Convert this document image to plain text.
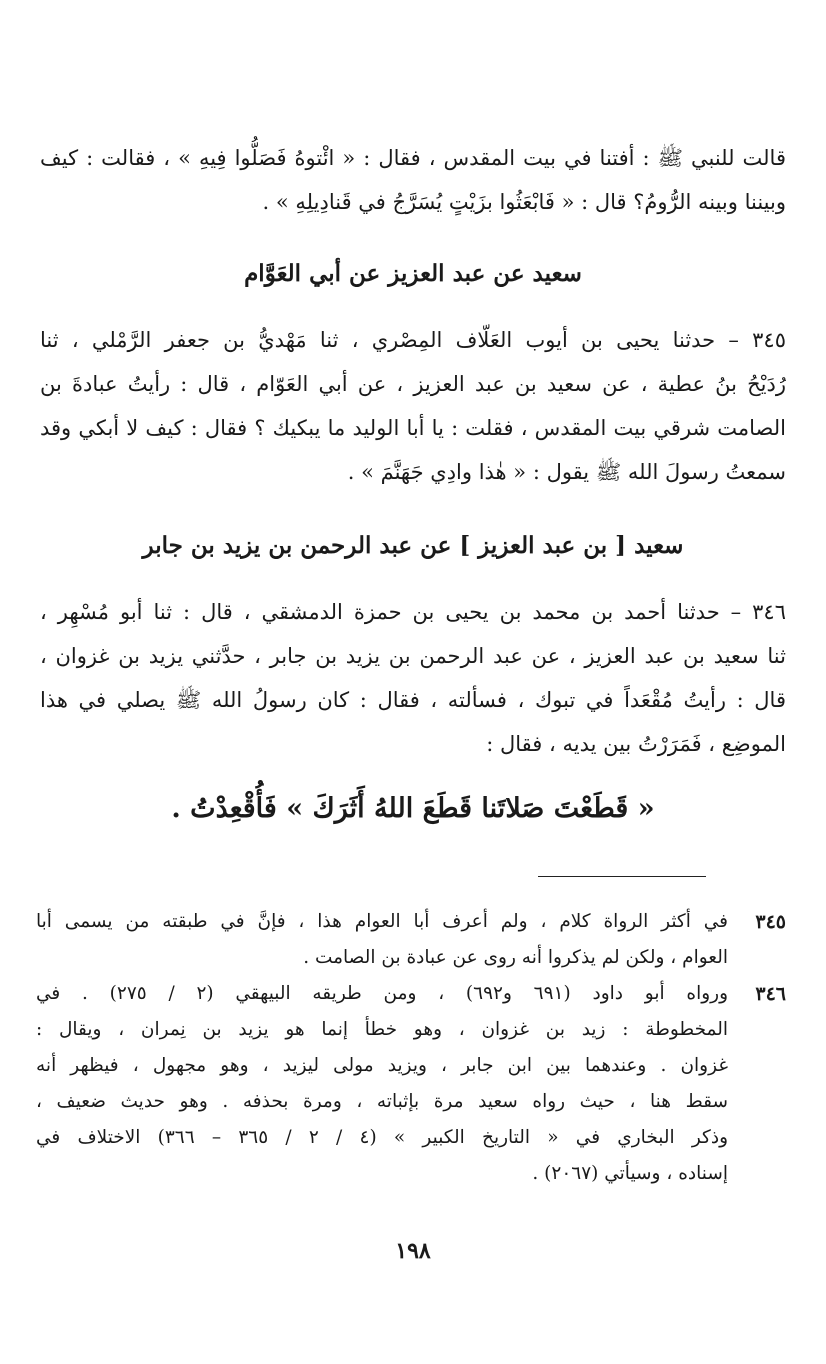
قالت للنبي ﷺ : أفتنا في بيت المقدس ، فقال : « ائْتوهُ فَصَلُّوا فِيهِ » ، فقالت : كيف
وبيننا وبينه الرُّومُ؟ قال : « فَابْعَثُوا بزَيْتٍ يُسَرَّجُ في قَنادِيلِهِ » .
سعيد عن عبد العزيز عن أبي العَوَّام
٣٤٥ – حدثنا يحيى بن أيوب العَلّاف المِصْري ، ثنا مَهْديُّ بن جعفر الرَّمْلي ، ثنا
رُدَيْحُ بنُ عطية ، عن سعيد بن عبد العزيز ، عن أبي العَوّام ، قال : رأيتُ عبادةَ بن
الصامت شرقي بيت المقدس ، فقلت : يا أبا الوليد ما يبكيك ؟ فقال : كيف لا أبكي وقد
سمعتُ رسولَ الله ﷺ يقول : « هٰذا وادِي جَهَنَّمَ » .
سعيد [ بن عبد العزيز ] عن عبد الرحمن بن يزيد بن جابر
٣٤٦ – حدثنا أحمد بن محمد بن يحيى بن حمزة الدمشقي ، قال : ثنا أبو مُسْهِر ،
ثنا سعيد بن عبد العزيز ، عن عبد الرحمن بن يزيد بن جابر ، حدَّثني يزيد بن غزوان ،
قال : رأيتُ مُقْعَداً في تبوك ، فسألته ، فقال : كان رسولُ الله ﷺ يصلي في هذا
الموضِع ، فَمَرَرْتُ بين يديه ، فقال :
« قَطَعْتَ صَلاتَنا قَطَعَ اللهُ أَثَرَكَ » فَأُقْعِدْتُ .
٣٤٥
في أكثر الرواة كلام ، ولم أعرف أبا العوام هذا ، فإنَّ في طبقته من يسمى أبا
العوام ، ولكن لم يذكروا أنه روى عن عبادة بن الصامت .
٣٤٦
ورواه أبو داود (٦٩١ و٦٩٢) ، ومن طريقه البيهقي (٢ / ٢٧٥) . في
المخطوطة : زيد بن غزوان ، وهو خطأ إنما هو يزيد بن نِمران ، ويقال :
غزوان . وعندهما بين ابن جابر ، ويزيد مولى ليزيد ، وهو مجهول ، فيظهر أنه
سقط هنا ، حيث رواه سعيد مرة بإثباته ، ومرة بحذفه . وهو حديث ضعيف ،
وذكر البخاري في « التاريخ الكبير » (٤ / ٢ / ٣٦٥ – ٣٦٦) الاختلاف في
إسناده ، وسيأتي (٢٠٦٧) .
١٩٨
